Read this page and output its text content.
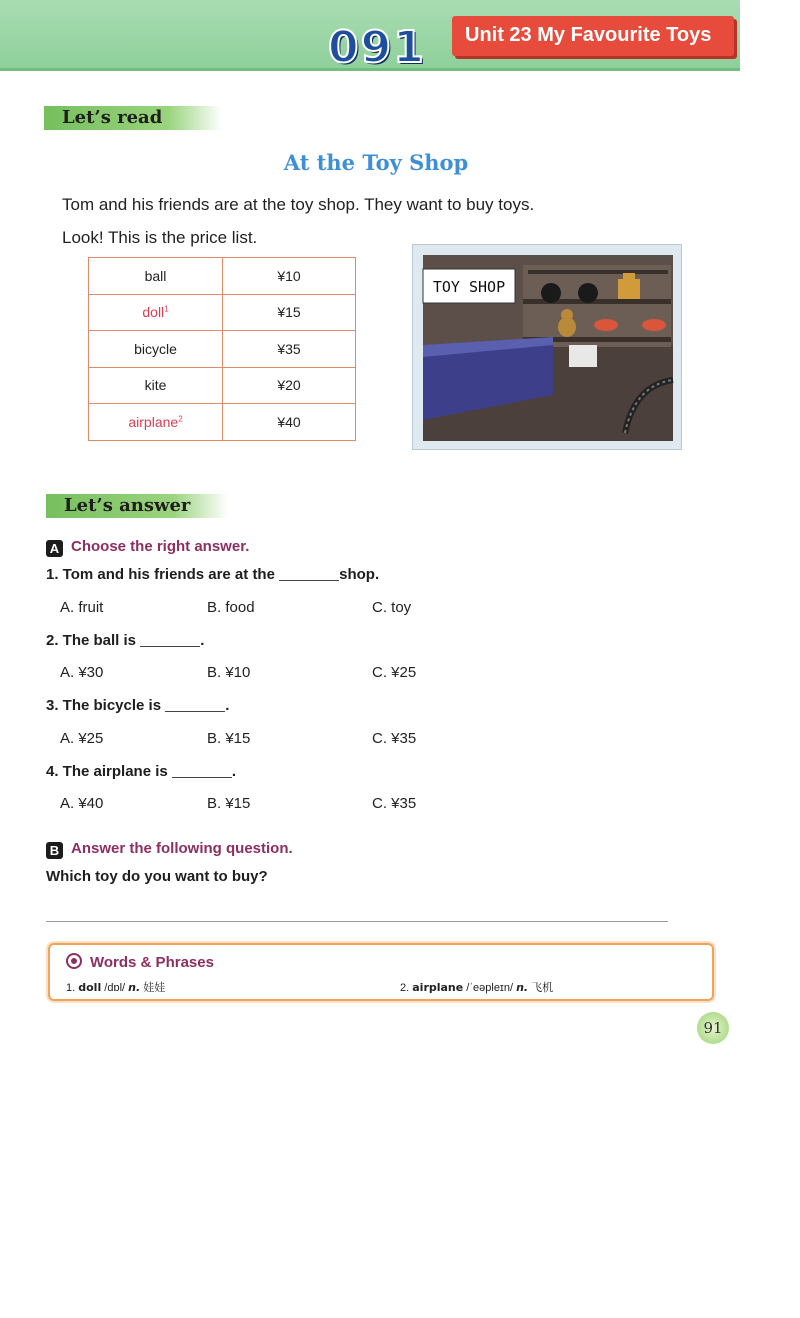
091 Unit 23 My Favourite Toys
Let’s read
At the Toy Shop
Tom and his friends are at the toy shop. They want to buy toys.
Look! This is the price list.
ball	¥10
doll$^1$	¥15
bicycle	¥35
kite	¥20
airplane$^2$	¥40
TOY SHOP
Let’s answer
A Choose the right answer.
1. Tom and his friends are at the	shop.
A. fruit	B. food	C. toy
2. The ball is	.
A. ¥30	B. ¥10	C. ¥25
3. The bicycle is	.
A. ¥25	B. ¥15	C. ¥35
4. The airplane is	.
A. ¥40	B. ¥15	C. ¥35
B Answer the following question.
Which toy do you want to buy?
Words & Phrases
1. doll /dɒl/ n. 娃娃	2. airplane /ˈeəpleɪn/ n. 飞机
91
